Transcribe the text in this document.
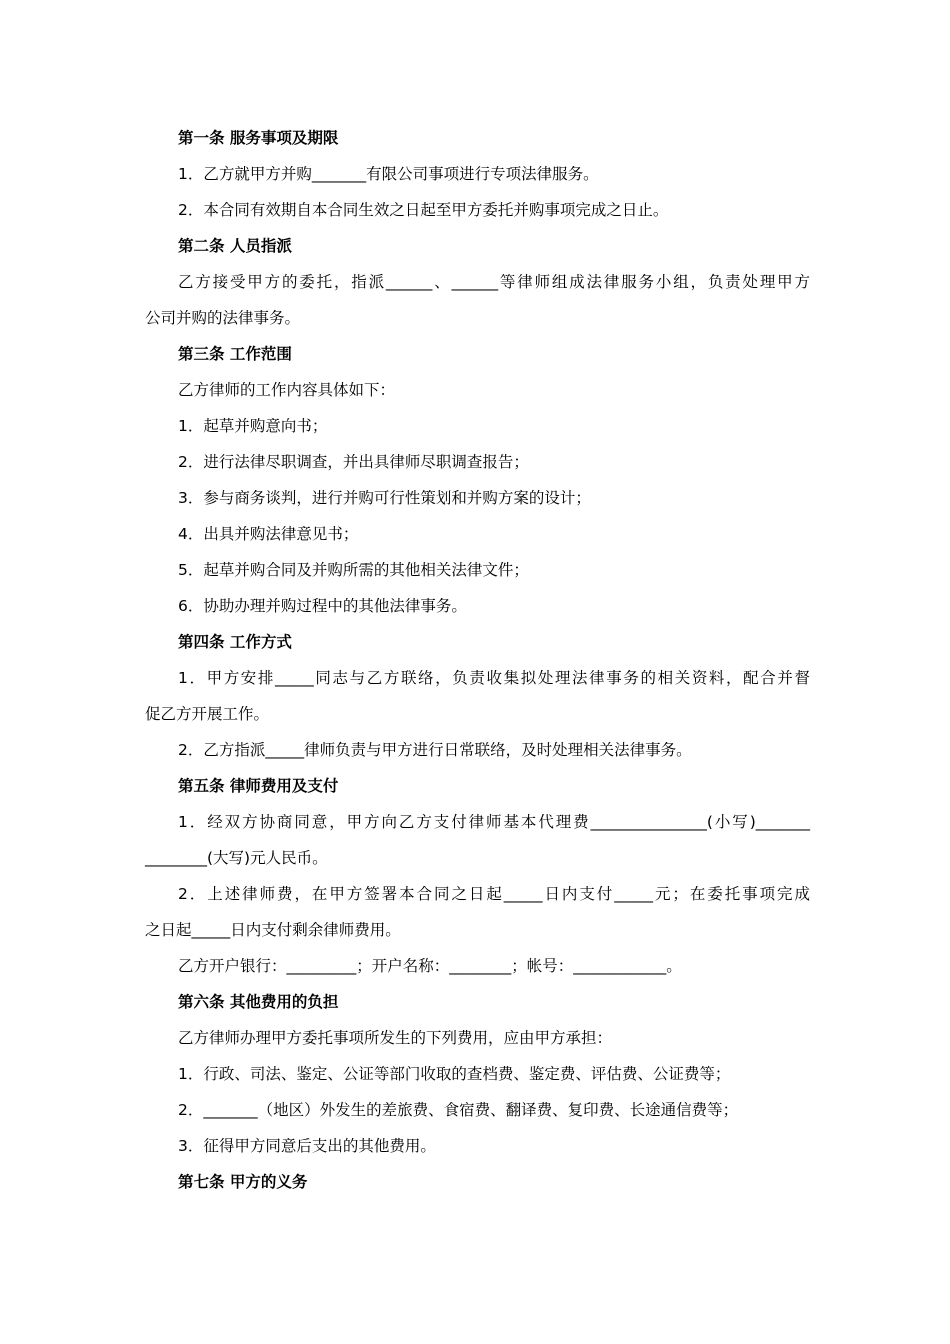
第一条 服务事项及期限

1．乙方就甲方并购_______有限公司事项进行专项法律服务。

2．本合同有效期自本合同生效之日起至甲方委托并购事项完成之日止。

第二条 人员指派

乙方接受甲方的委托，指派______、______等律师组成法律服务小组，负责处理甲方

公司并购的法律事务。

第三条 工作范围

乙方律师的工作内容具体如下：

1．起草并购意向书；

2．进行法律尽职调查，并出具律师尽职调查报告；

3．参与商务谈判，进行并购可行性策划和并购方案的设计；

4．出具并购法律意见书；

5．起草并购合同及并购所需的其他相关法律文件；

6．协助办理并购过程中的其他法律事务。

第四条 工作方式

1．甲方安排_____同志与乙方联络，负责收集拟处理法律事务的相关资料，配合并督

促乙方开展工作。

2．乙方指派_____律师负责与甲方进行日常联络，及时处理相关法律事务。

第五条 律师费用及支付

1．经双方协商同意，甲方向乙方支付律师基本代理费_______________(小写)_______

________(大写)元人民币。

2．上述律师费，在甲方签署本合同之日起_____日内支付_____元；在委托事项完成

之日起_____日内支付剩余律师费用。

乙方开户银行：_________；开户名称：________；帐号：____________。

第六条 其他费用的负担

乙方律师办理甲方委托事项所发生的下列费用，应由甲方承担：

1．行政、司法、鉴定、公证等部门收取的查档费、鉴定费、评估费、公证费等；

2．_______（地区）外发生的差旅费、食宿费、翻译费、复印费、长途通信费等；

3．征得甲方同意后支出的其他费用。

第七条 甲方的义务
